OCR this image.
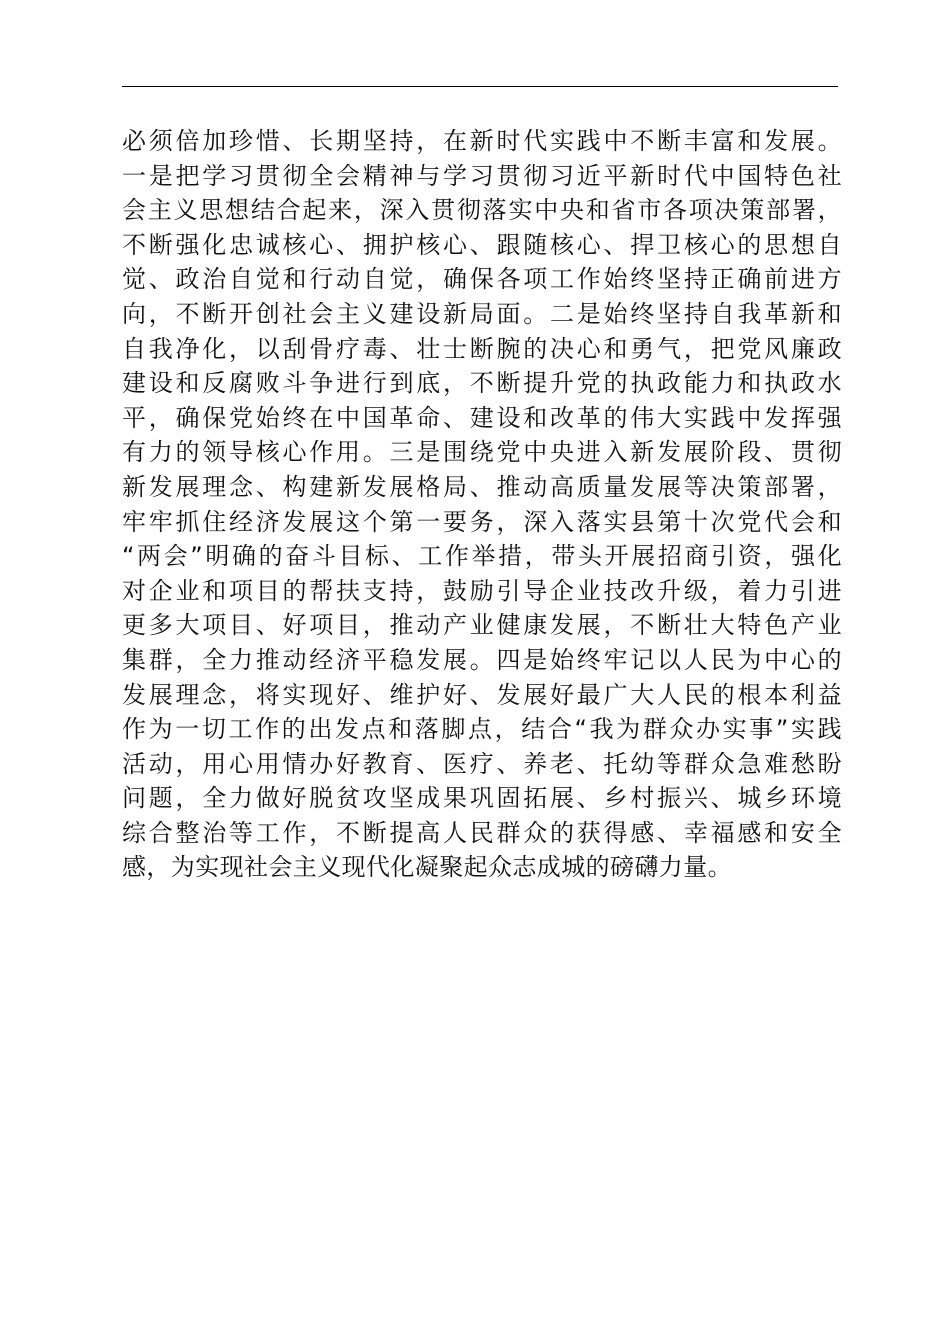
必须倍加珍惜、长期坚持，在新时代实践中不断丰富和发展。
一是把学习贯彻全会精神与学习贯彻习近平新时代中国特色社
会主义思想结合起来，深入贯彻落实中央和省市各项决策部署，
不断强化忠诚核心、拥护核心、跟随核心、捍卫核心的思想自
觉、政治自觉和行动自觉，确保各项工作始终坚持正确前进方
向，不断开创社会主义建设新局面。二是始终坚持自我革新和
自我净化，以刮骨疗毒、壮士断腕的决心和勇气，把党风廉政
建设和反腐败斗争进行到底，不断提升党的执政能力和执政水
平，确保党始终在中国革命、建设和改革的伟大实践中发挥强
有力的领导核心作用。三是围绕党中央进入新发展阶段、贯彻
新发展理念、构建新发展格局、推动高质量发展等决策部署，
牢牢抓住经济发展这个第一要务，深入落实县第十次党代会和
“两会”明确的奋斗目标、工作举措，带头开展招商引资，强化
对企业和项目的帮扶支持，鼓励引导企业技改升级，着力引进
更多大项目、好项目，推动产业健康发展，不断壮大特色产业
集群，全力推动经济平稳发展。四是始终牢记以人民为中心的
发展理念，将实现好、维护好、发展好最广大人民的根本利益
作为一切工作的出发点和落脚点，结合“我为群众办实事”实践
活动，用心用情办好教育、医疗、养老、托幼等群众急难愁盼
问题，全力做好脱贫攻坚成果巩固拓展、乡村振兴、城乡环境
综合整治等工作，不断提高人民群众的获得感、幸福感和安全
感，为实现社会主义现代化凝聚起众志成城的磅礴力量。
